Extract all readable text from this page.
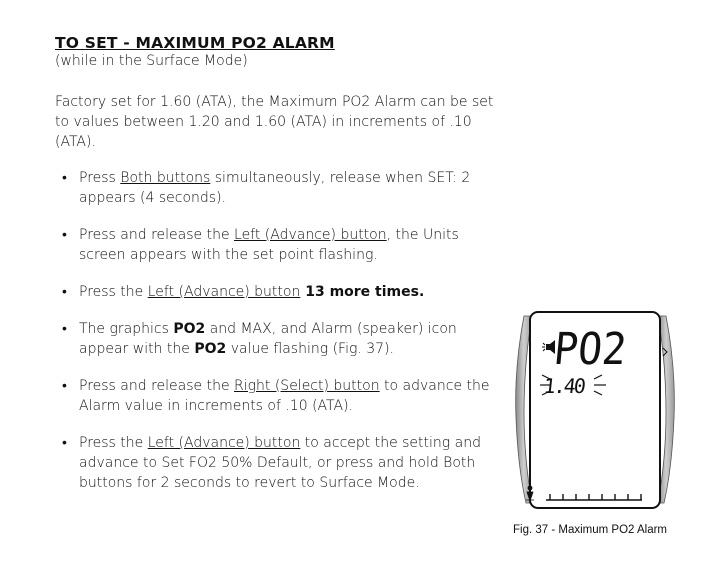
TO SET - MAXIMUM PO2 ALARM
(while in the Surface Mode)
Factory set for 1.60 (ATA), the Maximum PO2 Alarm can be set to values between 1.20 and 1.60 (ATA) in increments of .10 (ATA).
• Press Both buttons simultaneously, release when SET: 2 appears (4 seconds).
• Press and release the Left (Advance) button, the Units screen appears with the set point flashing.
• Press the Left (Advance) button 13 more times.
• The graphics PO2 and MAX, and Alarm (speaker) icon appear with the PO2 value flashing (Fig. 37).
• Press and release the Right (Select) button to advance the Alarm value in increments of .10 (ATA).
• Press the Left (Advance) button to accept the setting and advance to Set FO2 50% Default, or press and hold Both buttons for 2 seconds to revert to Surface Mode.
PO2
1.40
Fig. 37 - Maximum PO2 Alarm
